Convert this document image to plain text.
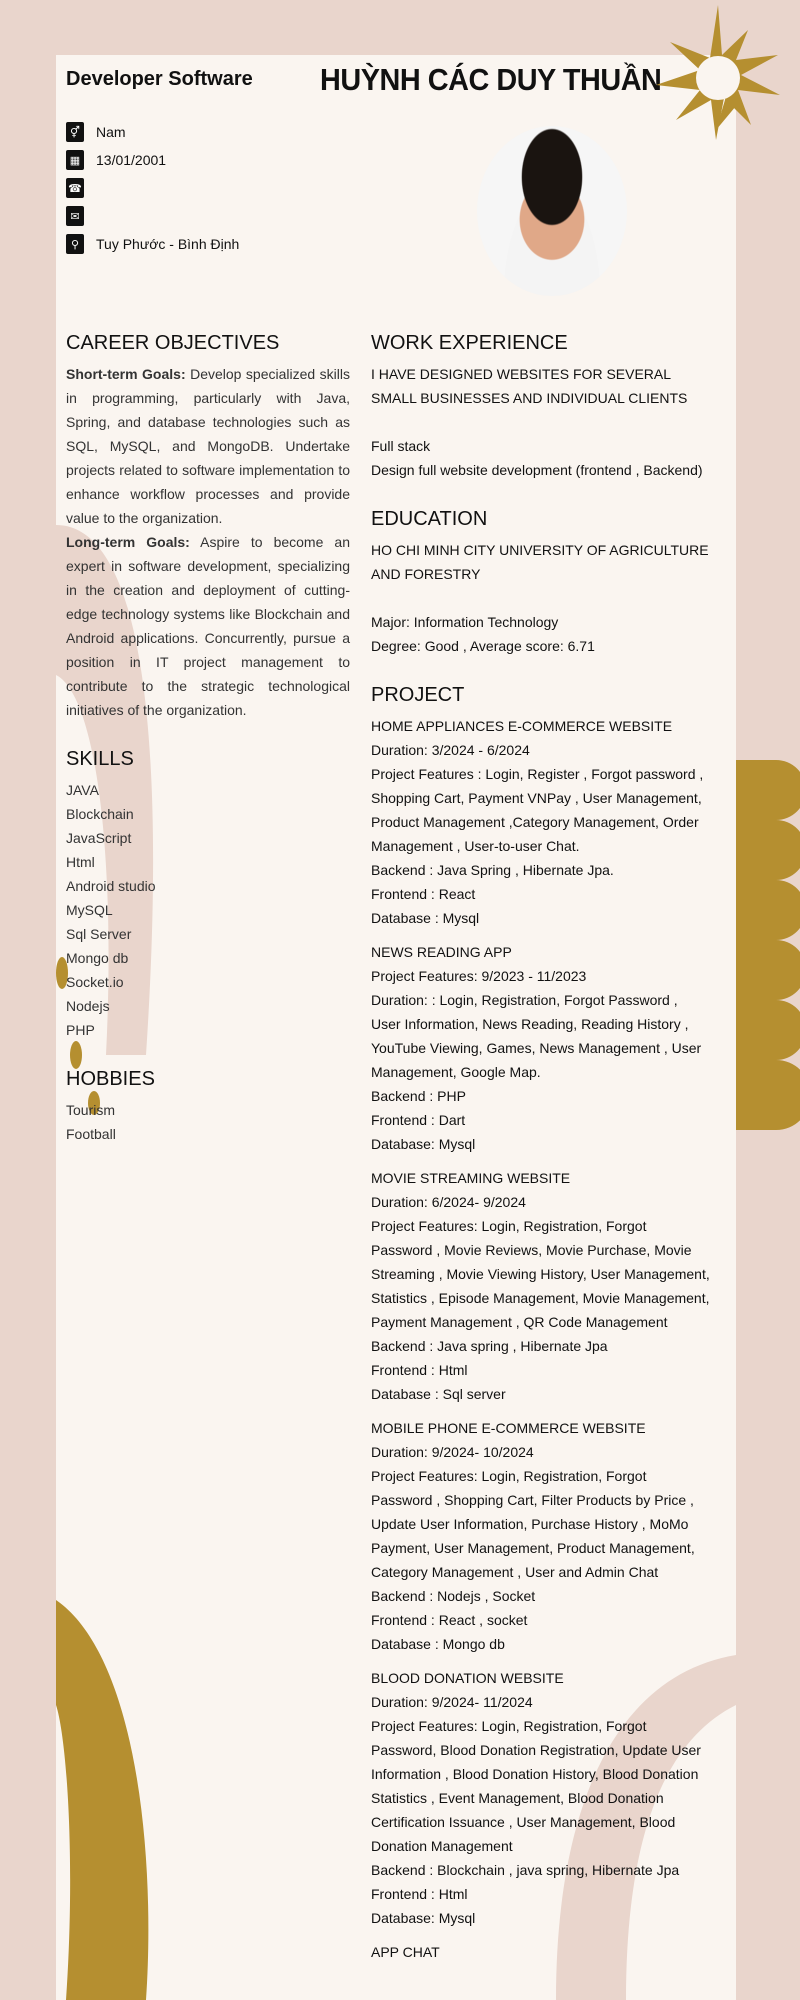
Developer Software HUỲNH CÁC DUY THUẦN
⚥ Nam
▦ 13/01/2001
☎
✉
⚲	Tuy Phước - Bình Định
CAREER OBJECTIVES
Short-term Goals: Develop specialized skills in programming, particularly with Java, Spring, and database technologies such as SQL, MySQL, and MongoDB. Undertake projects related to software implementation to enhance workflow processes and provide value to the organization.
Long-term Goals: Aspire to become an expert in software development, specializing in the creation and deployment of cutting-edge technology systems like Blockchain and Android applications. Concurrently, pursue a position in IT project management to contribute to the strategic technological initiatives of the organization.
SKILLS
JAVA
Blockchain
JavaScript
Html
Android studio
MySQL
Sql Server
Mongo db
Socket.io
Nodejs
PHP
HOBBIES
Tourism
Football
WORK EXPERIENCE
I HAVE DESIGNED WEBSITES FOR SEVERAL SMALL BUSINESSES AND INDIVIDUAL CLIENTS
Full stack
Design full website development (frontend , Backend)
EDUCATION
HO CHI MINH CITY UNIVERSITY OF AGRICULTURE AND FORESTRY
Major: Information Technology
Degree: Good , Average score: 6.71
PROJECT
HOME APPLIANCES E-COMMERCE WEBSITE
Duration: 3/2024 - 6/2024
Project Features : Login, Register , Forgot password , Shopping Cart, Payment VNPay , User Management, Product Management ,Category Management, Order Management , User-to-user Chat.
Backend : Java Spring , Hibernate Jpa.
Frontend : React
Database : Mysql
NEWS READING APP
Project Features: 9/2023 - 11/2023
Duration: : Login, Registration, Forgot Password , User Information, News Reading, Reading History , YouTube Viewing, Games, News Management , User Management, Google Map.
Backend : PHP
Frontend : Dart
Database: Mysql
MOVIE STREAMING WEBSITE
Duration: 6/2024- 9/2024
Project Features: Login, Registration, Forgot Password , Movie Reviews, Movie Purchase, Movie Streaming , Movie Viewing History, User Management, Statistics , Episode Management, Movie Management, Payment Management , QR Code Management
Backend : Java spring , Hibernate Jpa
Frontend : Html
Database : Sql server
MOBILE PHONE E-COMMERCE WEBSITE
Duration: 9/2024- 10/2024
Project Features: Login, Registration, Forgot Password , Shopping Cart, Filter Products by Price , Update User Information, Purchase History , MoMo Payment, User Management, Product Management, Category Management , User and Admin Chat
Backend : Nodejs , Socket
Frontend : React , socket
Database : Mongo db
BLOOD DONATION WEBSITE
Duration: 9/2024- 11/2024
Project Features: Login, Registration, Forgot Password, Blood Donation Registration, Update User Information , Blood Donation History, Blood Donation Statistics , Event Management, Blood Donation Certification Issuance , User Management, Blood Donation Management
Backend : Blockchain , java spring, Hibernate Jpa
Frontend : Html
Database: Mysql
APP CHAT
